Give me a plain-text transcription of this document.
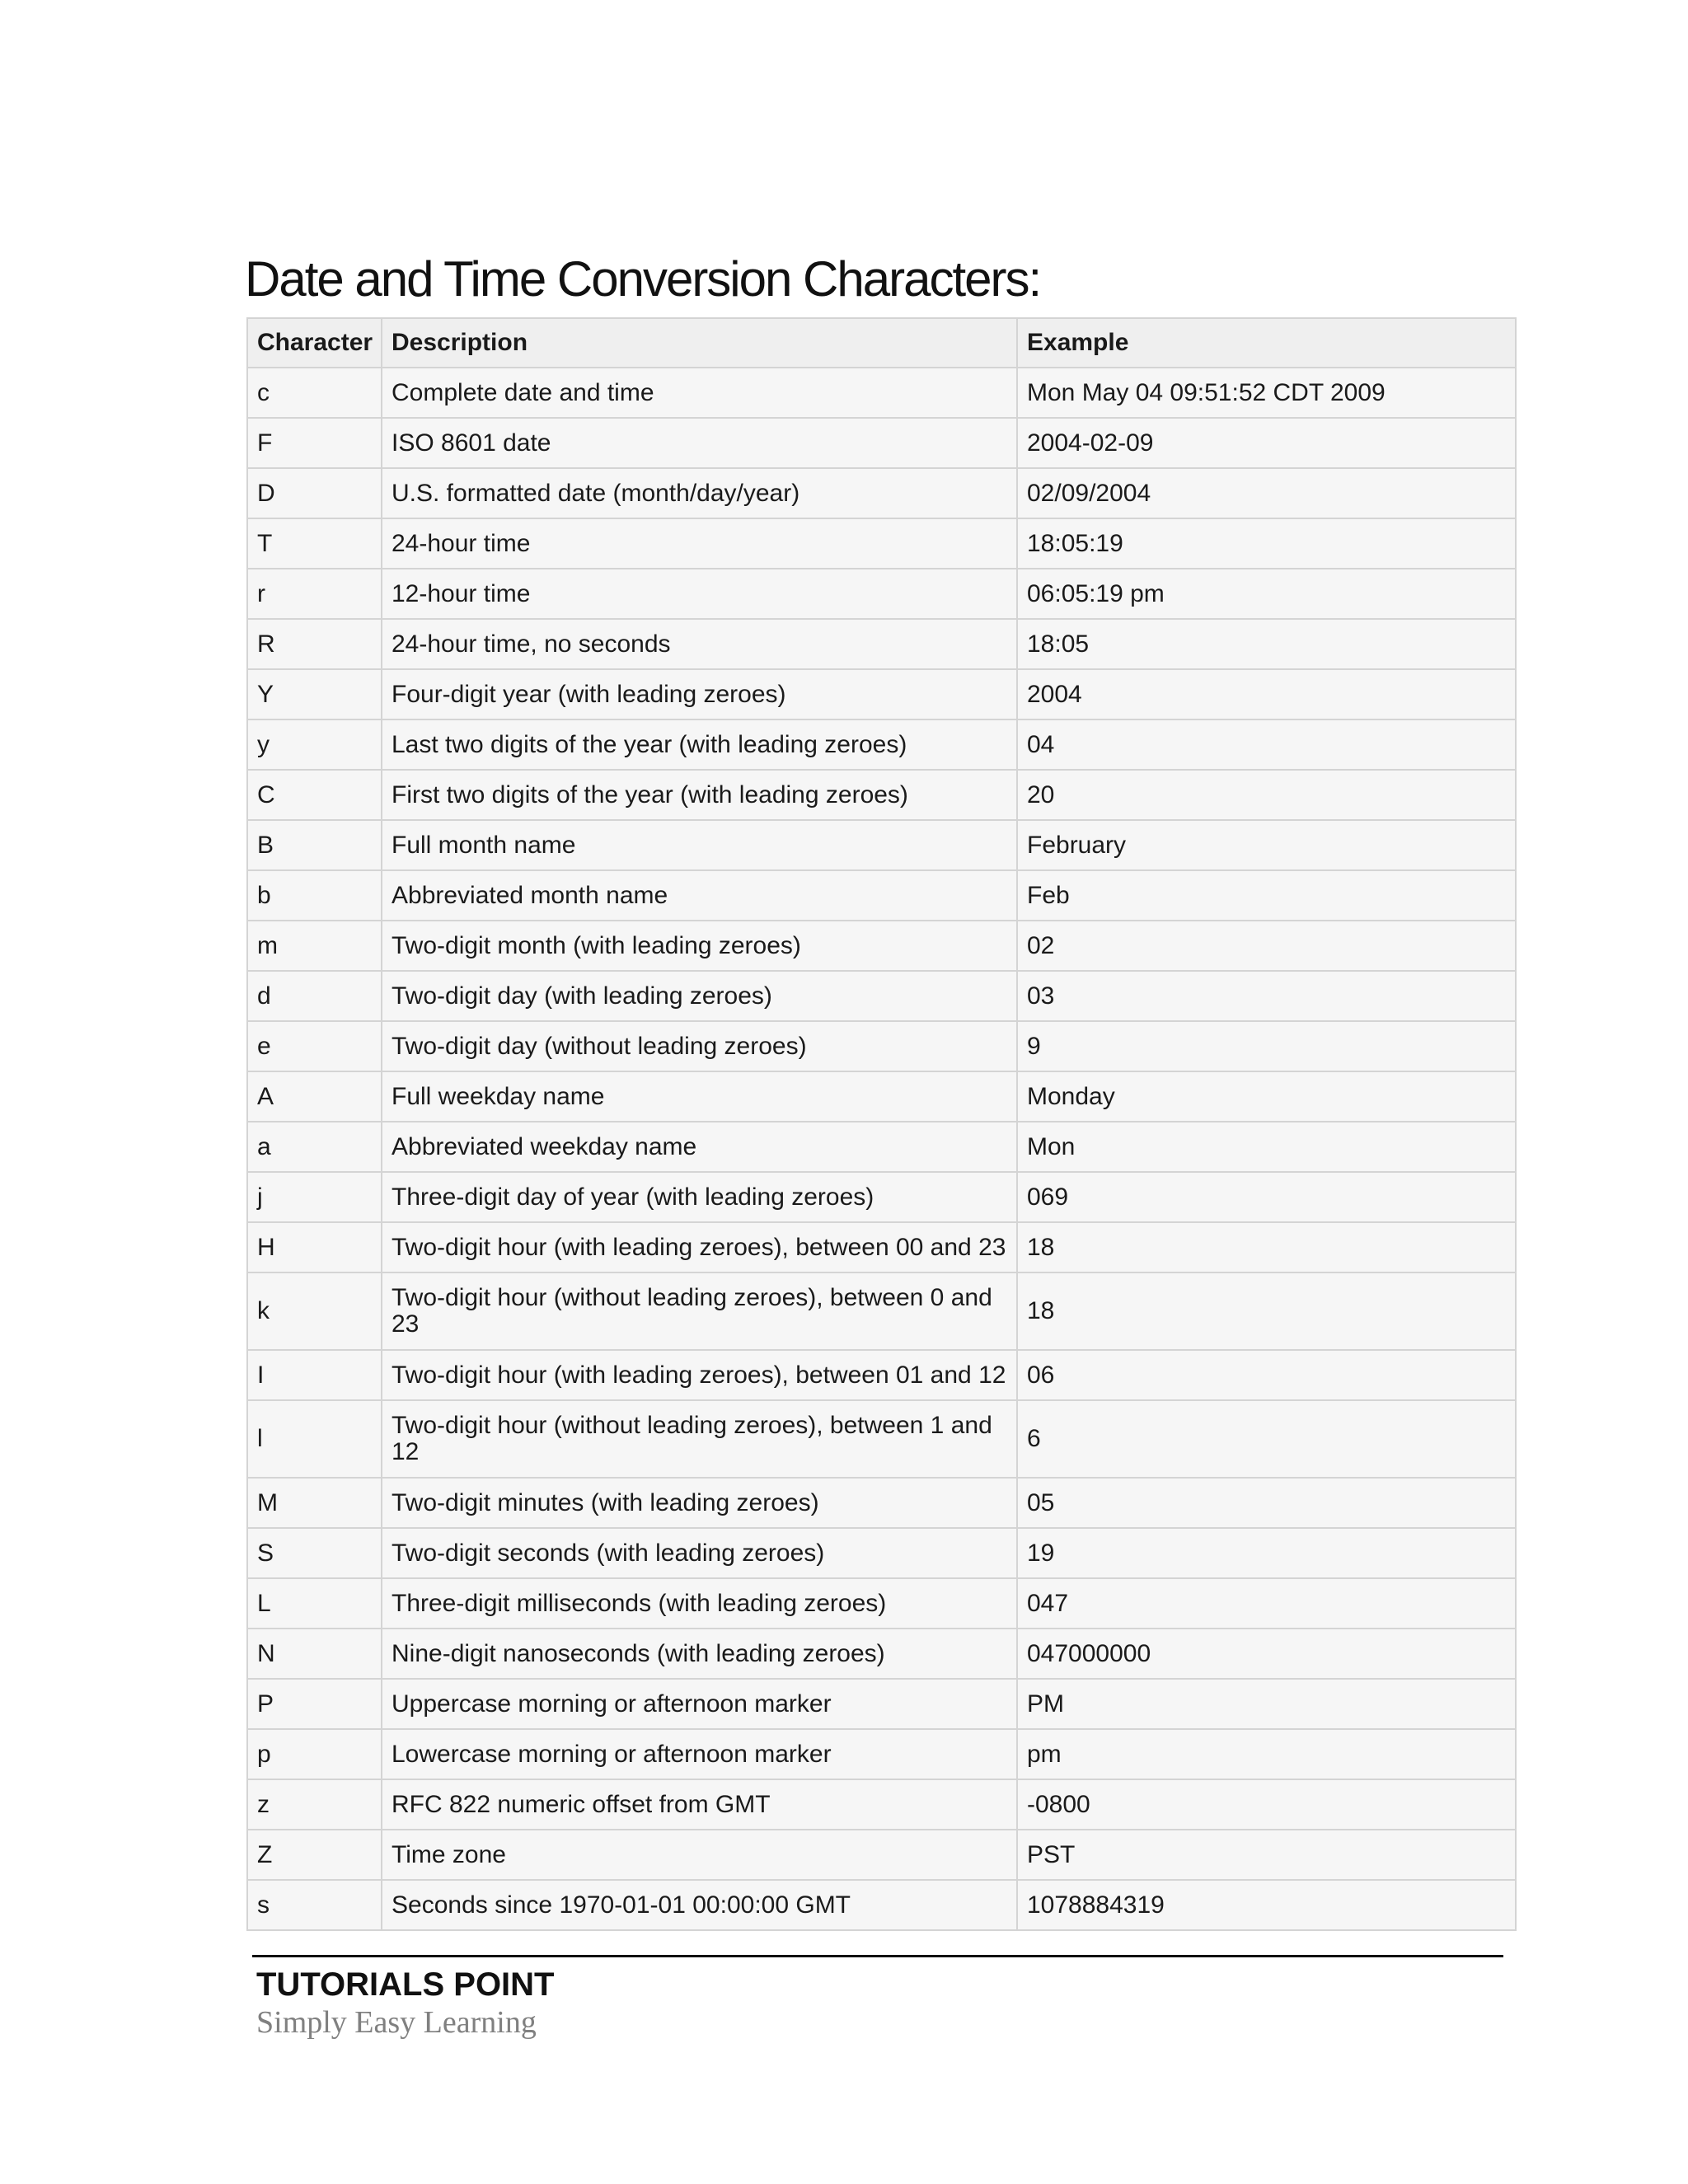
Date and Time Conversion Characters:
Character	Description	Example
c	Complete date and time	Mon May 04 09:51:52 CDT 2009
F	ISO 8601 date	2004-02-09
D	U.S. formatted date (month/day/year)	02/09/2004
T	24-hour time	18:05:19
r	12-hour time	06:05:19 pm
R	24-hour time, no seconds	18:05
Y	Four-digit year (with leading zeroes)	2004
y	Last two digits of the year (with leading zeroes)	04
C	First two digits of the year (with leading zeroes)	20
B	Full month name	February
b	Abbreviated month name	Feb
m	Two-digit month (with leading zeroes)	02
d	Two-digit day (with leading zeroes)	03
e	Two-digit day (without leading zeroes)	9
A	Full weekday name	Monday
a	Abbreviated weekday name	Mon
j	Three-digit day of year (with leading zeroes)	069
H	Two-digit hour (with leading zeroes), between 00 and 23	18
k	Two-digit hour (without leading zeroes), between 0 and 23	18
I	Two-digit hour (with leading zeroes), between 01 and 12	06
l	Two-digit hour (without leading zeroes), between 1 and 12	6
M	Two-digit minutes (with leading zeroes)	05
S	Two-digit seconds (with leading zeroes)	19
L	Three-digit milliseconds (with leading zeroes)	047
N	Nine-digit nanoseconds (with leading zeroes)	047000000
P	Uppercase morning or afternoon marker	PM
p	Lowercase morning or afternoon marker	pm
z	RFC 822 numeric offset from GMT	-0800
Z	Time zone	PST
s	Seconds since 1970-01-01 00:00:00 GMT	1078884319
TUTORIALS POINT
Simply Easy Learning
